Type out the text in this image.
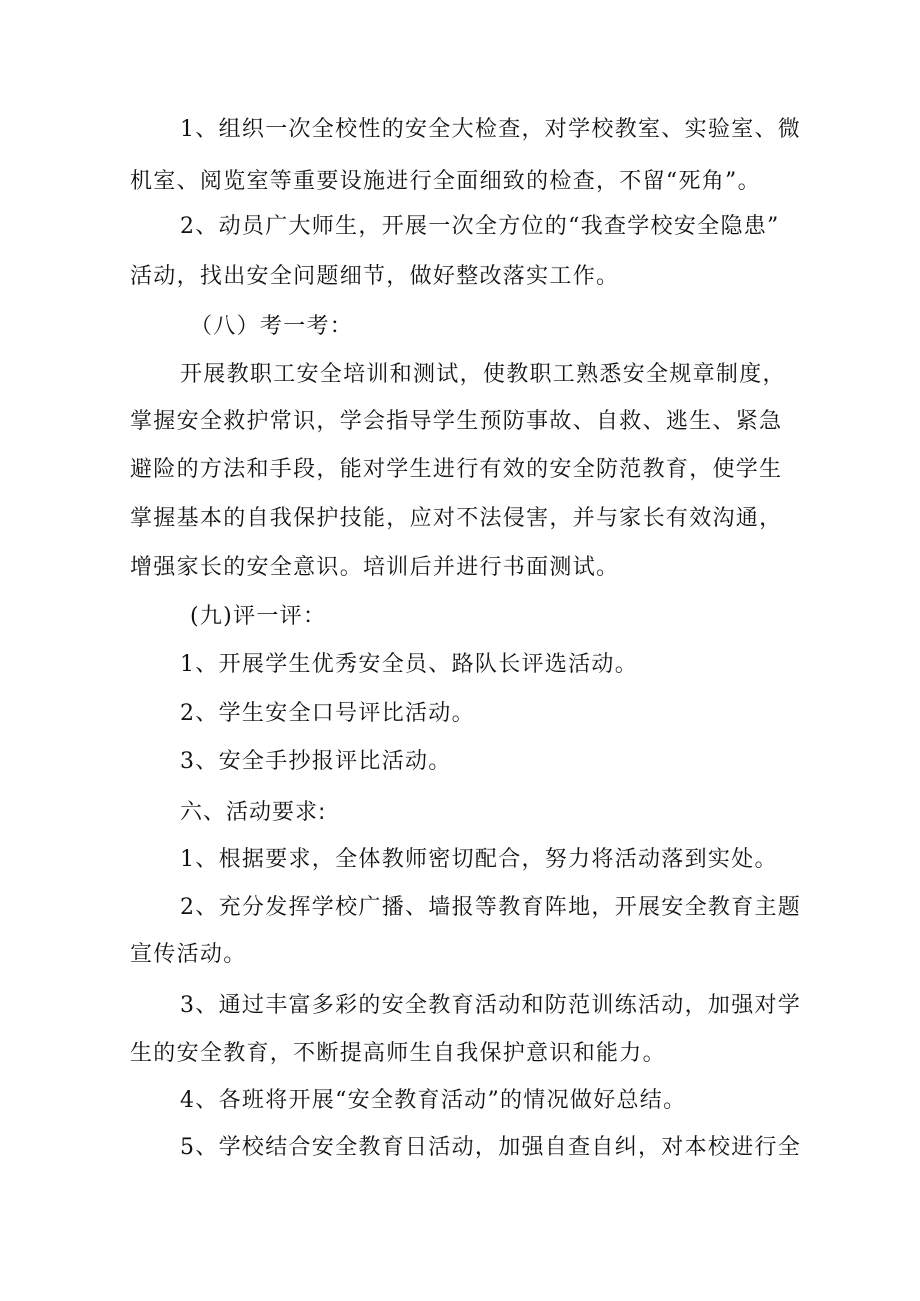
1、组织一次全校性的安全大检查，对学校教室、实验室、微
机室、阅览室等重要设施进行全面细致的检查，不留“死角”。
2、动员广大师生，开展一次全方位的“我查学校安全隐患”
活动，找出安全问题细节，做好整改落实工作。
（八）考一考：
开展教职工安全培训和测试，使教职工熟悉安全规章制度，
掌握安全救护常识，学会指导学生预防事故、自救、逃生、紧急
避险的方法和手段，能对学生进行有效的安全防范教育，使学生
掌握基本的自我保护技能，应对不法侵害，并与家长有效沟通，
增强家长的安全意识。培训后并进行书面测试。
(九)评一评：
1、开展学生优秀安全员、路队长评选活动。
2、学生安全口号评比活动。
3、安全手抄报评比活动。
六、活动要求:
1、根据要求，全体教师密切配合，努力将活动落到实处。
2、充分发挥学校广播、墙报等教育阵地，开展安全教育主题
宣传活动。
3、通过丰富多彩的安全教育活动和防范训练活动，加强对学
生的安全教育，不断提高师生自我保护意识和能力。
4、各班将开展“安全教育活动”的情况做好总结。
5、学校结合安全教育日活动，加强自查自纠，对本校进行全
